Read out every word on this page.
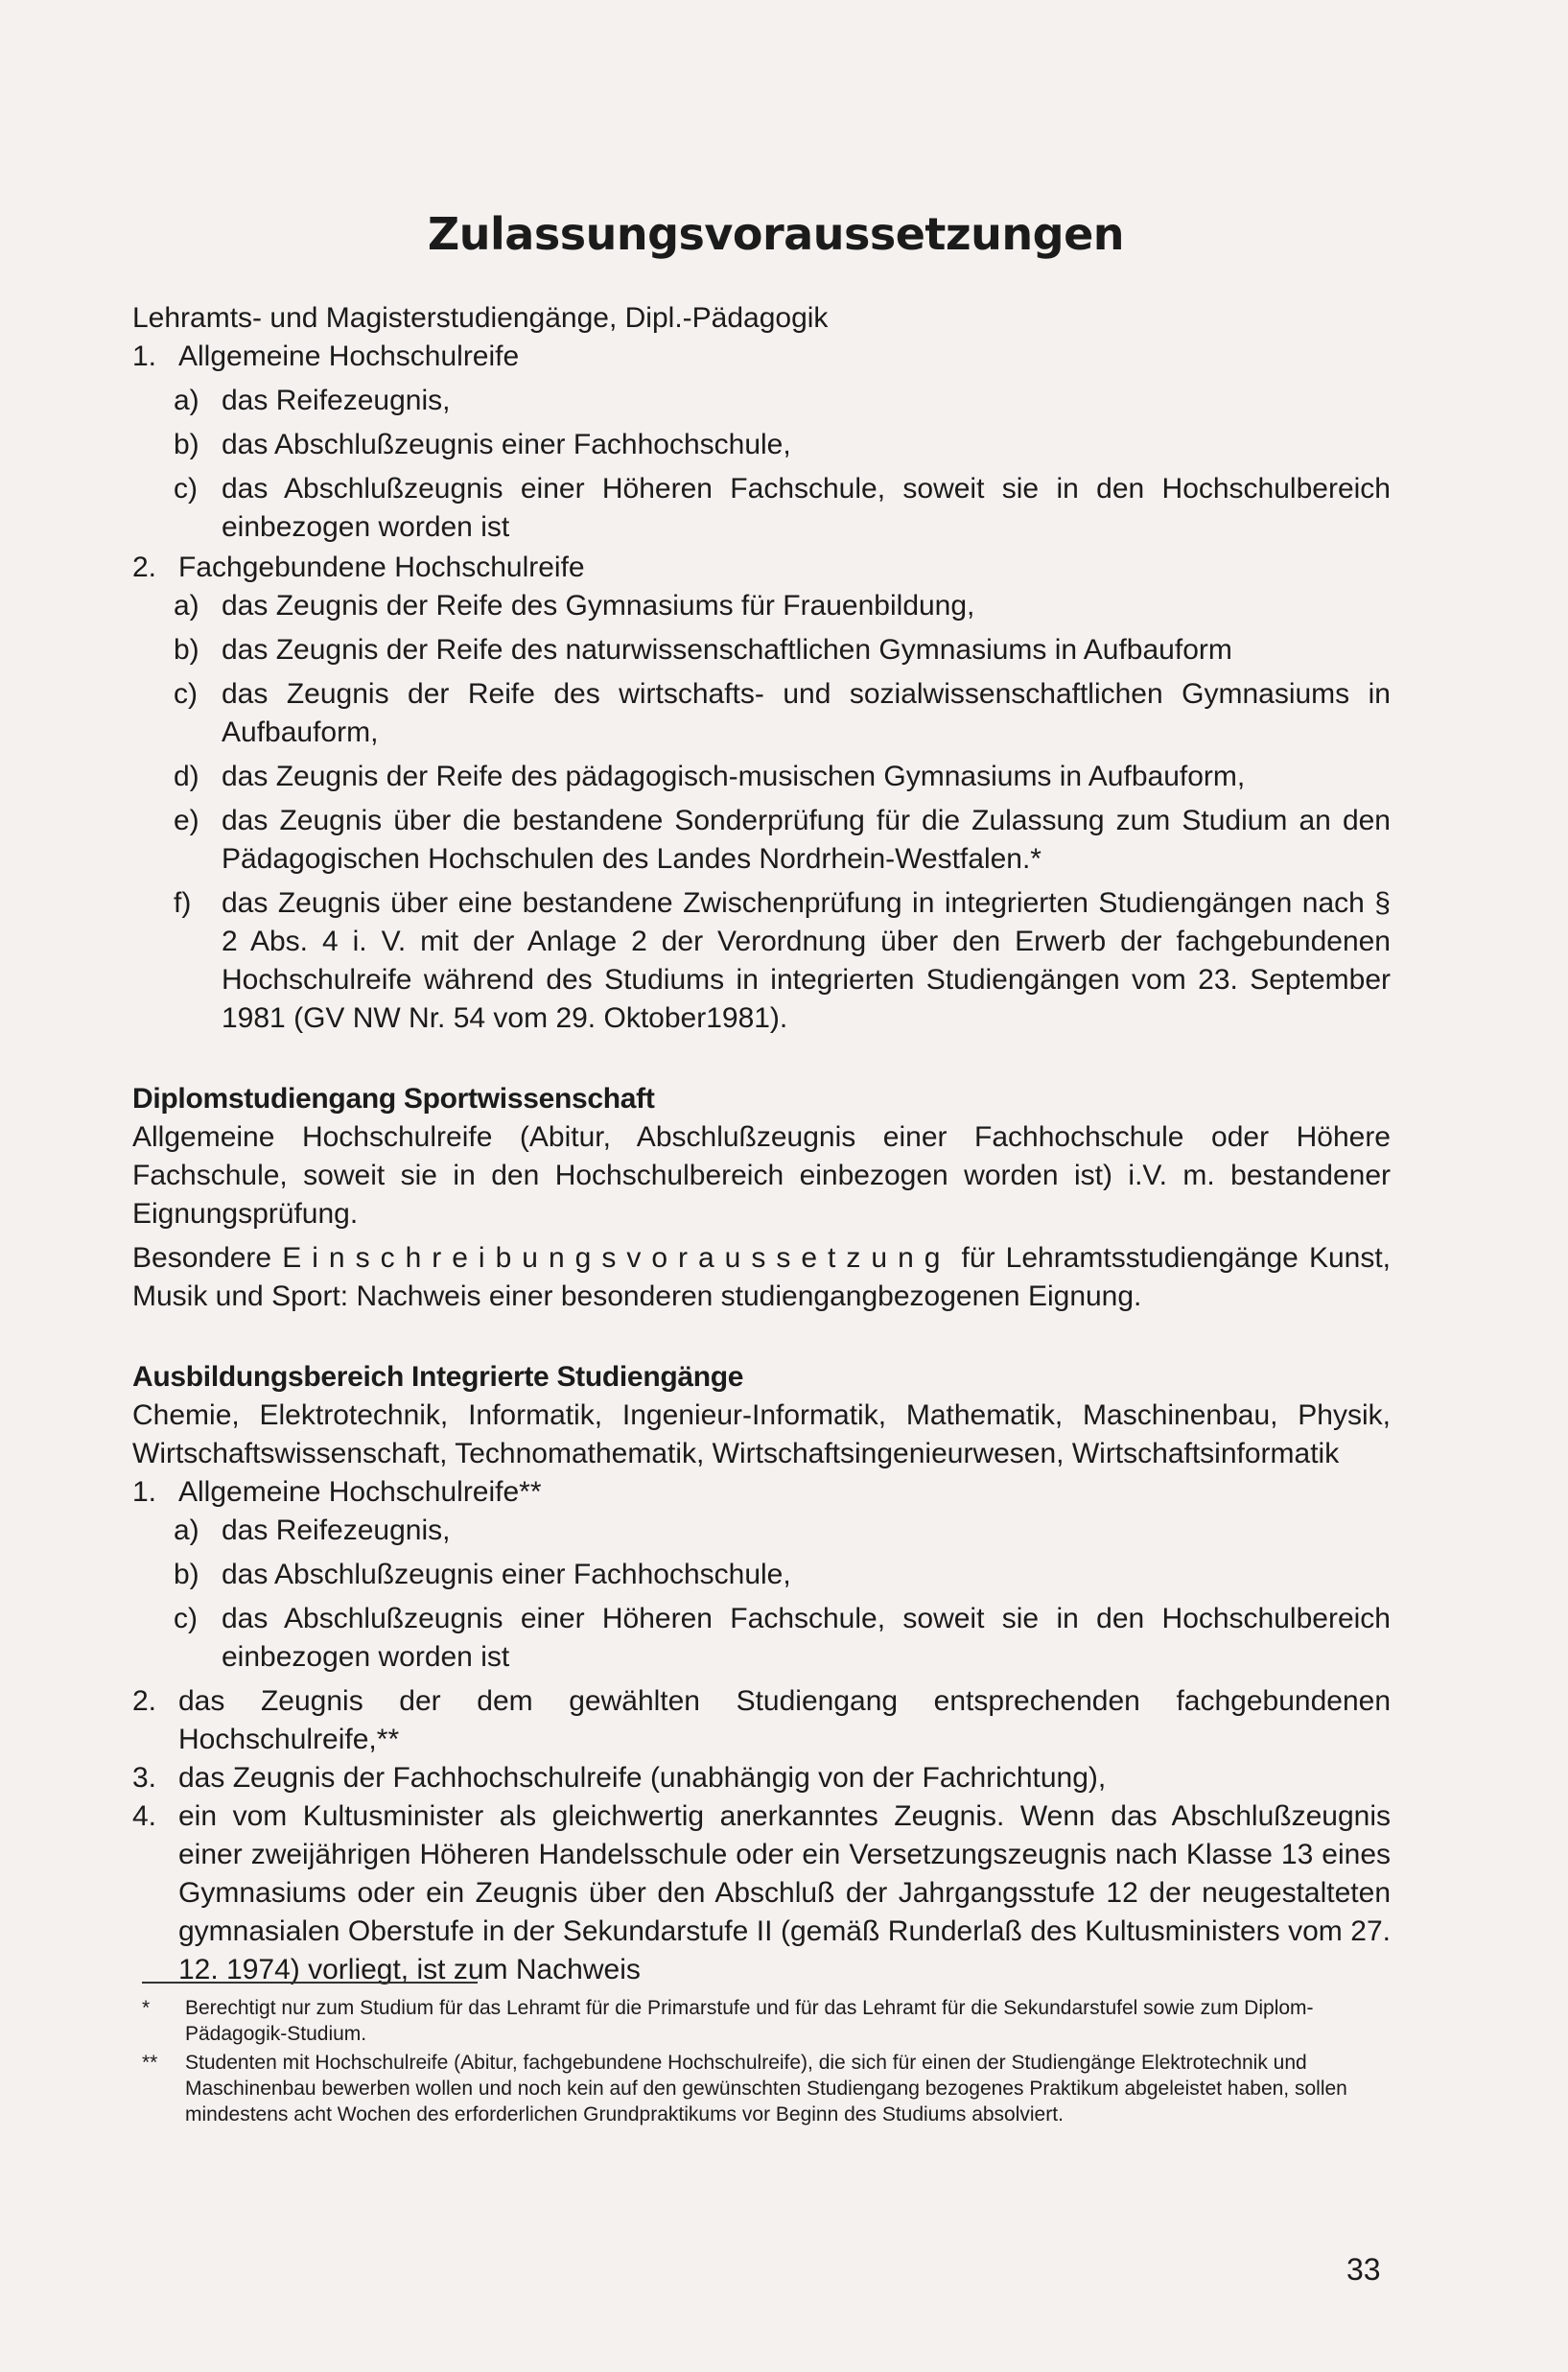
Zulassungsvoraussetzungen

Lehramts- und Magisterstudiengänge, Dipl.-Pädagogik

1. Allgemeine Hochschulreife
a) das Reifezeugnis,
b) das Abschlußzeugnis einer Fachhochschule,
c) das Abschlußzeugnis einer Höheren Fachschule, soweit sie in den Hochschulbereich einbezogen worden ist
2. Fachgebundene Hochschulreife
a) das Zeugnis der Reife des Gymnasiums für Frauenbildung,
b) das Zeugnis der Reife des naturwissenschaftlichen Gymnasiums in Aufbauform
c) das Zeugnis der Reife des wirtschafts- und sozialwissenschaftlichen Gymnasiums in Aufbauform,
d) das Zeugnis der Reife des pädagogisch-musischen Gymnasiums in Aufbauform,
e) das Zeugnis über die bestandene Sonderprüfung für die Zulassung zum Studium an den Pädagogischen Hochschulen des Landes Nordrhein-Westfalen.*
f) das Zeugnis über eine bestandene Zwischenprüfung in integrierten Studiengängen nach § 2 Abs. 4 i. V. mit der Anlage 2 der Verordnung über den Erwerb der fachgebundenen Hochschulreife während des Studiums in integrierten Studiengängen vom 23. September 1981 (GV NW Nr. 54 vom 29. Oktober1981).

Diplomstudiengang Sportwissenschaft

Allgemeine Hochschulreife (Abitur, Abschlußzeugnis einer Fachhochschule oder Höhere Fachschule, soweit sie in den Hochschulbereich einbezogen worden ist) i.V. m. bestandener Eignungsprüfung.

Besondere Einschreibungsvoraussetzung für Lehramtsstudiengänge Kunst, Musik und Sport: Nachweis einer besonderen studiengangbezogenen Eignung.

Ausbildungsbereich Integrierte Studiengänge

Chemie, Elektrotechnik, Informatik, Ingenieur-Informatik, Mathematik, Maschinenbau, Physik, Wirtschaftswissenschaft, Technomathematik, Wirtschaftsingenieurwesen, Wirtschaftsinformatik

1. Allgemeine Hochschulreife**
a) das Reifezeugnis,
b) das Abschlußzeugnis einer Fachhochschule,
c) das Abschlußzeugnis einer Höheren Fachschule, soweit sie in den Hochschulbereich einbezogen worden ist
2. das Zeugnis der dem gewählten Studiengang entsprechenden fachgebundenen Hochschulreife,**
3. das Zeugnis der Fachhochschulreife (unabhängig von der Fachrichtung),
4. ein vom Kultusminister als gleichwertig anerkanntes Zeugnis. Wenn das Abschlußzeugnis einer zweijährigen Höheren Handelsschule oder ein Versetzungszeugnis nach Klasse 13 eines Gymnasiums oder ein Zeugnis über den Abschluß der Jahrgangsstufe 12 der neugestalteten gymnasialen Oberstufe in der Sekundarstufe II (gemäß Runderlaß des Kultusministers vom 27. 12. 1974) vorliegt, ist zum Nachweis
* Berechtigt nur zum Studium für das Lehramt für die Primarstufe und für das Lehramt für die Sekundarstufel sowie zum Diplom-Pädagogik-Studium.
** Studenten mit Hochschulreife (Abitur, fachgebundene Hochschulreife), die sich für einen der Studiengänge Elektrotechnik und Maschinenbau bewerben wollen und noch kein auf den gewünschten Studiengang bezogenes Praktikum abgeleistet haben, sollen mindestens acht Wochen des erforderlichen Grundpraktikums vor Beginn des Studiums absolviert.
33
